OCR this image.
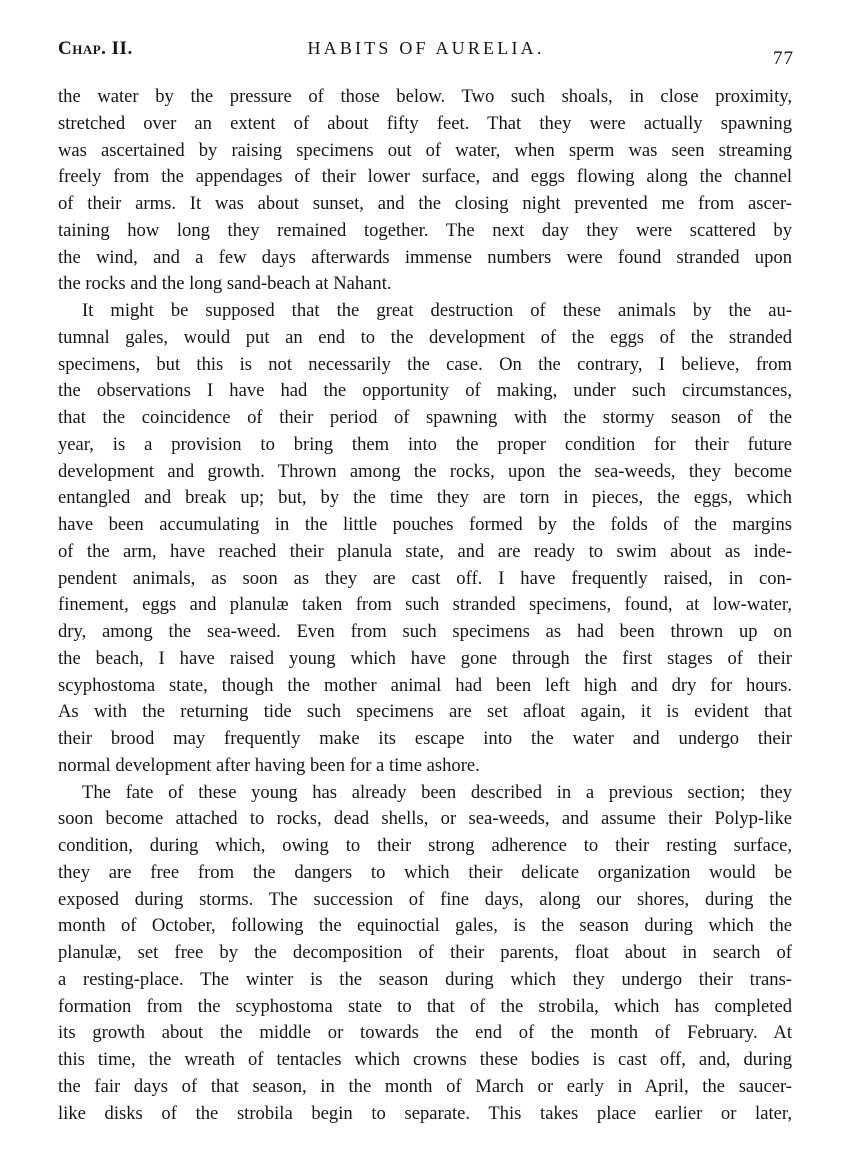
Chap. II.	HABITS OF AURELIA.	77
the water by the pressure of those below. Two such shoals, in close proximity,
stretched over an extent of about fifty feet. That they were actually spawning
was ascertained by raising specimens out of water, when sperm was seen streaming
freely from the appendages of their lower surface, and eggs flowing along the channel
of their arms. It was about sunset, and the closing night prevented me from ascer-
taining how long they remained together. The next day they were scattered by
the wind, and a few days afterwards immense numbers were found stranded upon
the rocks and the long sand-beach at Nahant.
It might be supposed that the great destruction of these animals by the au-
tumnal gales, would put an end to the development of the eggs of the stranded
specimens, but this is not necessarily the case. On the contrary, I believe, from
the observations I have had the opportunity of making, under such circumstances,
that the coincidence of their period of spawning with the stormy season of the
year, is a provision to bring them into the proper condition for their future
development and growth. Thrown among the rocks, upon the sea-weeds, they become
entangled and break up; but, by the time they are torn in pieces, the eggs, which
have been accumulating in the little pouches formed by the folds of the margins
of the arm, have reached their planula state, and are ready to swim about as inde-
pendent animals, as soon as they are cast off. I have frequently raised, in con-
finement, eggs and planulæ taken from such stranded specimens, found, at low-water,
dry, among the sea-weed. Even from such specimens as had been thrown up on
the beach, I have raised young which have gone through the first stages of their
scyphostoma state, though the mother animal had been left high and dry for hours.
As with the returning tide such specimens are set afloat again, it is evident that
their brood may frequently make its escape into the water and undergo their
normal development after having been for a time ashore.
The fate of these young has already been described in a previous section; they
soon become attached to rocks, dead shells, or sea-weeds, and assume their Polyp-like
condition, during which, owing to their strong adherence to their resting surface,
they are free from the dangers to which their delicate organization would be
exposed during storms. The succession of fine days, along our shores, during the
month of October, following the equinoctial gales, is the season during which the
planulæ, set free by the decomposition of their parents, float about in search of
a resting-place. The winter is the season during which they undergo their trans-
formation from the scyphostoma state to that of the strobila, which has completed
its growth about the middle or towards the end of the month of February. At
this time, the wreath of tentacles which crowns these bodies is cast off, and, during
the fair days of that season, in the month of March or early in April, the saucer-
like disks of the strobila begin to separate. This takes place earlier or later,
